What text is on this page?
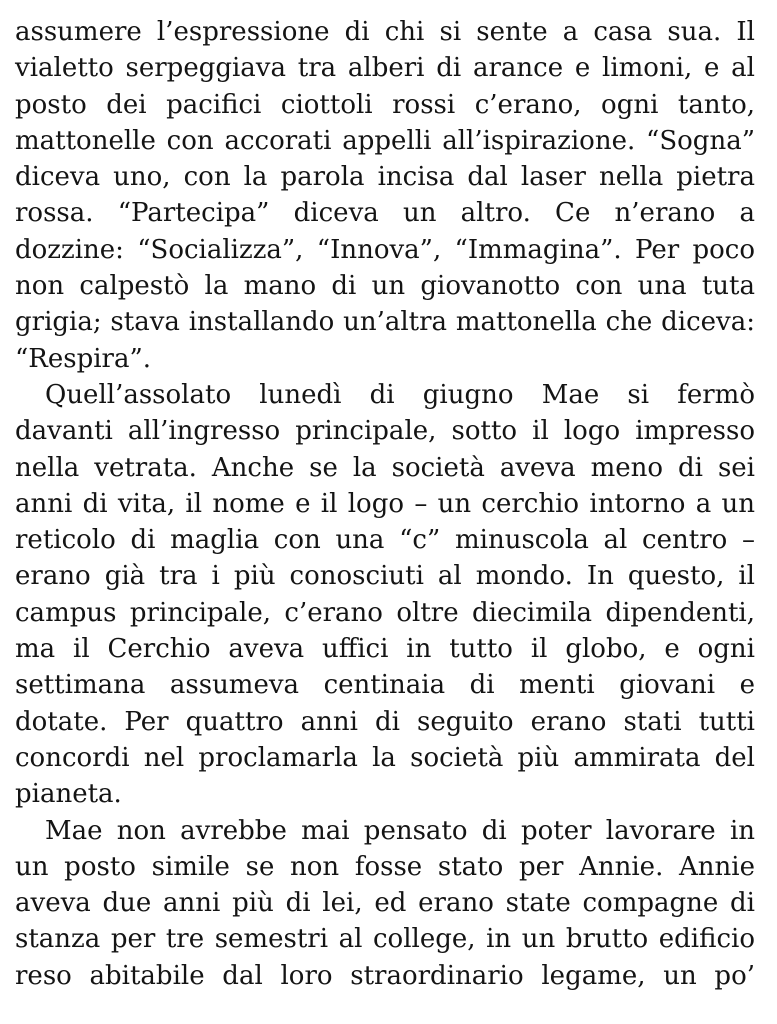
assumere l’espressione di chi si sente a casa sua. Il
vialetto serpeggiava tra alberi di arance e limoni, e al
posto dei pacifici ciottoli rossi c’erano, ogni tanto,
mattonelle con accorati appelli all’ispirazione. “Sogna”
diceva uno, con la parola incisa dal laser nella pietra
rossa. “Partecipa” diceva un altro. Ce n’erano a
dozzine: “Socializza”, “Innova”, “Immagina”. Per poco
non calpestò la mano di un giovanotto con una tuta
grigia; stava installando un’altra mattonella che diceva:
“Respira”.
Quell’assolato lunedì di giugno Mae si fermò
davanti all’ingresso principale, sotto il logo impresso
nella vetrata. Anche se la società aveva meno di sei
anni di vita, il nome e il logo – un cerchio intorno a un
reticolo di maglia con una “c” minuscola al centro –
erano già tra i più conosciuti al mondo. In questo, il
campus principale, c’erano oltre diecimila dipendenti,
ma il Cerchio aveva uffici in tutto il globo, e ogni
settimana assumeva centinaia di menti giovani e
dotate. Per quattro anni di seguito erano stati tutti
concordi nel proclamarla la società più ammirata del
pianeta.
Mae non avrebbe mai pensato di poter lavorare in
un posto simile se non fosse stato per Annie. Annie
aveva due anni più di lei, ed erano state compagne di
stanza per tre semestri al college, in un brutto edificio
reso abitabile dal loro straordinario legame, un po’
